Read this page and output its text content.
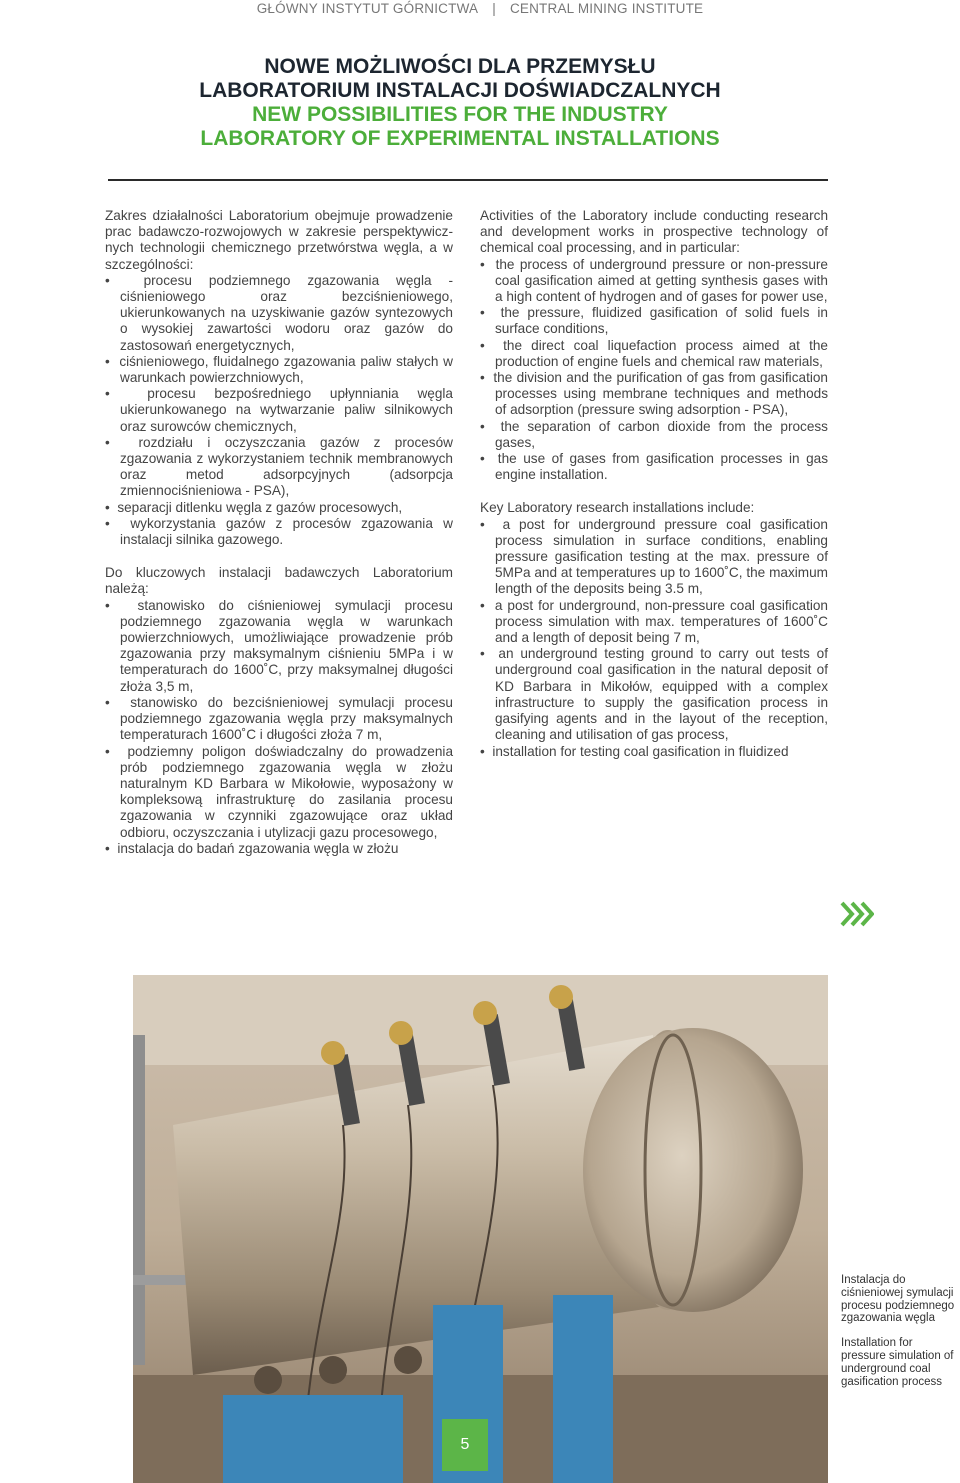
GŁÓWNY INSTYTUT GÓRNICTWA | CENTRAL MINING INSTITUTE
NOWE MOŻLIWOŚCI DLA PRZEMYSŁU
LABORATORIUM INSTALACJI DOŚWIADCZALNYCH
NEW POSSIBILITIES FOR THE INDUSTRY
LABORATORY OF EXPERIMENTAL INSTALLATIONS

Zakres działalności Laboratorium obejmuje prowadzenie prac badawczo-rozwojowych w zakresie perspektywicz-nych technologii chemicznego przetwórstwa węgla, a w szczególności:

•  procesu podziemnego zgazowania węgla - ciśnieniowego oraz bezciśnieniowego, ukierunkowanych na uzyskiwanie gazów syntezowych o wysokiej zawartości wodoru oraz gazów do zastosowań energetycznych,

•  ciśnieniowego, fluidalnego zgazowania paliw stałych w warunkach powierzchniowych,

•  procesu bezpośredniego upłynniania węgla ukierunkowanego na wytwarzanie paliw silnikowych oraz surowców chemicznych,

•  rozdziału i oczyszczania gazów z procesów zgazowania z wykorzystaniem technik membranowych oraz metod adsorpcyjnych (adsorpcja zmiennociśnieniowa - PSA),

•  separacji ditlenku węgla z gazów procesowych,

•  wykorzystania gazów z procesów zgazowania w instalacji silnika gazowego.

Do kluczowych instalacji badawczych Laboratorium należą:

•  stanowisko do ciśnieniowej symulacji procesu podziemnego zgazowania węgla w warunkach powierzchniowych, umożliwiające prowadzenie prób zgazowania przy maksymalnym ciśnieniu 5MPa i w temperaturach do 1600˚C, przy maksymalnej długości złoża 3,5 m,

•  stanowisko do bezciśnieniowej symulacji procesu podziemnego zgazowania węgla przy maksymalnych temperaturach 1600˚C i długości złoża 7 m,

•  podziemny poligon doświadczalny do prowadzenia prób podziemnego zgazowania węgla w złożu naturalnym KD Barbara w Mikołowie, wyposażony w kompleksową infrastrukturę do zasilania procesu zgazowania w czynniki zgazowujące oraz układ odbioru, oczyszczania i utylizacji gazu procesowego,

•  instalacja do badań zgazowania węgla w złożu

Activities of the Laboratory include conducting research and development works in prospective technology of chemical coal processing, and in particular:

•  the process of underground pressure or non-pressure coal gasification aimed at getting synthesis gases with a high content of hydrogen and of gases for power use,

•  the pressure, fluidized gasification of solid fuels in surface conditions,

•  the direct coal liquefaction process aimed at the production of engine fuels and chemical raw materials,

•  the division and the purification of gas from gasification processes using membrane techniques and methods of adsorption (pressure swing adsorption - PSA),

•  the separation of carbon dioxide from the process gases,

•  the use of gases from gasification processes in gas engine installation.

Key Laboratory research installations include:

•  a post for underground pressure coal gasification process simulation in surface conditions, enabling pressure gasification testing at the max. pressure of 5MPa and at temperatures up to 1600˚C, the maximum length of the deposits being 3.5 m,

•  a post for underground, non-pressure coal gasification process simulation with max. temperatures of 1600˚C and a length of deposit being 7 m,

•  an underground testing ground to carry out tests of underground coal gasification in the natural deposit of KD Barbara in Mikołów, equipped with a complex infrastructure to supply the gasification process in gasifying agents and in the layout of the reception, cleaning and utilisation of gas process,

•  installation for testing coal gasification in fluidized

Instalacja do ciśnieniowej symulacji procesu podziemnego zgazowania węgla
Installation for pressure simulation of underground coal gasification process
5
